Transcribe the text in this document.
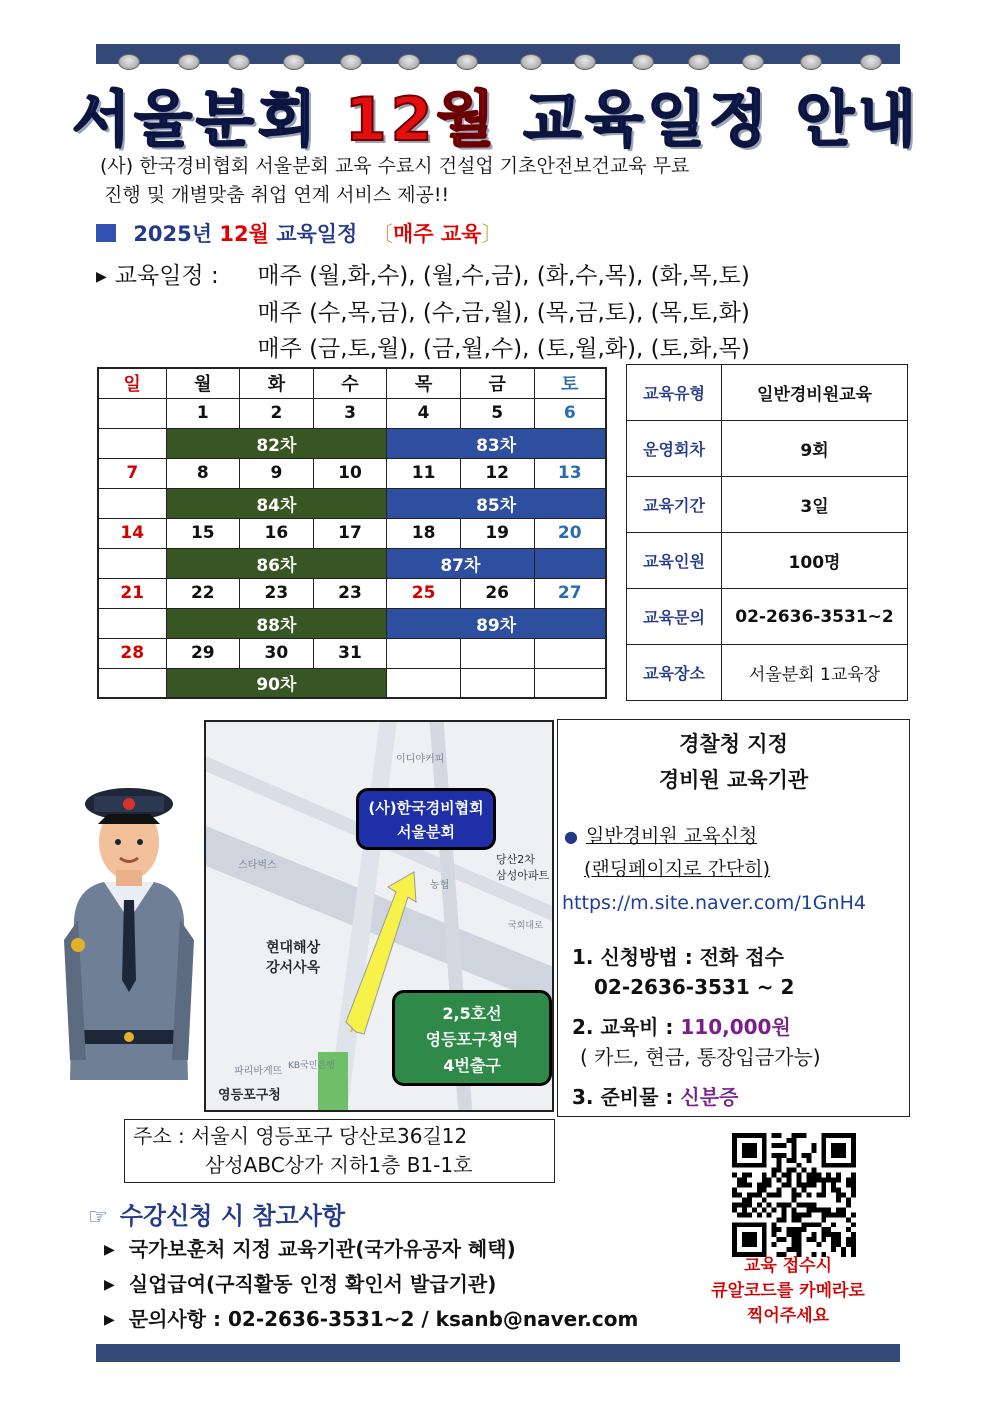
서울분회 12월 교육일정 안내
(사) 한국경비협회 서울분회 교육 수료시 건설업 기초안전보건교육 무료
진행 및 개별맞춤 취업 연계 서비스 제공!!
2025년 12월 교육일정 〔매주 교육〕
▶ 교육일정 : 매주 (월,화,수), (월,수,금), (화,수,목), (화,목,토)
매주 (수,목,금), (수,금,월), (목,금,토), (목,토,화)
매주 (금,토,월), (금,월,수), (토,월,화), (토,화,목)
일	월	화	수	목	금	토
	1	2	3	4	5	6
	82차			83차		
7	8	9	10	11	12	13
	84차			85차		
14	15	16	17	18	19	20
	86차			87차		
21	22	23	23	25	26	27
	88차			89차		
28	29	30	31			
	90차					
교육유형	일반경비원교육
운영회차	9회
교육기간	3일
교육인원	100명
교육문의	02-2636-3531~2
교육장소	서울분회 1교육장
(사)한국경비협회
서울분회
2,5호선
영등포구청역
4번출구
현대해상
강서사옥
당산2차
삼성아파트
영등포구청
스타벅스
파리바게뜨 KB국민은행
이디야커피
농협
국회대로
주소 : 서울시 영등포구 당산로36길12
삼성ABC상가 지하1층 B1-1호
경찰청 지정
경비원 교육기관
● 일반경비원 교육신청
(랜딩페이지로 간단히)
https://m.site.naver.com/1GnH4
1. 신청방법 : 전화 접수
02-2636-3531 ~ 2
2. 교육비 : 110,000원
( 카드, 현금, 통장입금가능)
3. 준비물 : 신분증
☞ 수강신청 시 참고사항
▶ 국가보훈처 지정 교육기관(국가유공자 혜택)
▶ 실업급여(구직활동 인정 확인서 발급기관)
▶ 문의사항 : 02-2636-3531~2 / ksanb@naver.com
교육 접수시
큐알코드를 카메라로
찍어주세요
